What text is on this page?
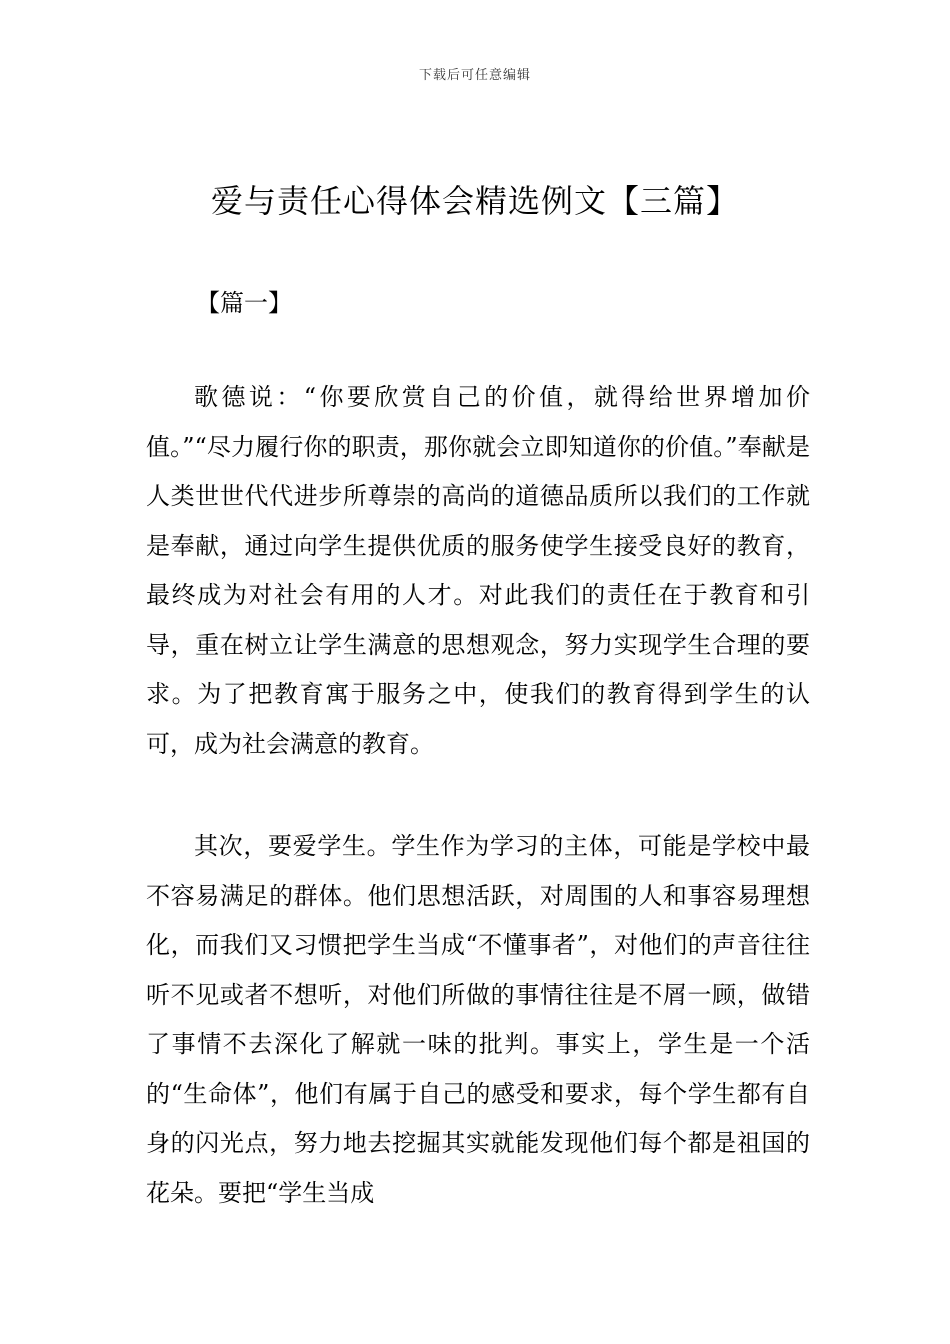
下载后可任意编辑
爱与责任心得体会精选例文【三篇】
【篇一】

歌德说：“你要欣赏自己的价值，就得给世界增加价值。”“尽力履行你的职责，那你就会立即知道你的价值。”奉献是人类世世代代进步所尊崇的高尚的道德品质所以我们的工作就是奉献，通过向学生提供优质的服务使学生接受良好的教育，最终成为对社会有用的人才。对此我们的责任在于教育和引导，重在树立让学生满意的思想观念，努力实现学生合理的要求。为了把教育寓于服务之中，使我们的教育得到学生的认可，成为社会满意的教育。

其次，要爱学生。学生作为学习的主体，可能是学校中最不容易满足的群体。他们思想活跃，对周围的人和事容易理想化，而我们又习惯把学生当成“不懂事者”，对他们的声音往往听不见或者不想听，对他们所做的事情往往是不屑一顾，做错了事情不去深化了解就一味的批判。事实上，学生是一个活的“生命体”，他们有属于自己的感受和要求，每个学生都有自身的闪光点，努力地去挖掘其实就能发现他们每个都是祖国的花朵。要把“学生当成
